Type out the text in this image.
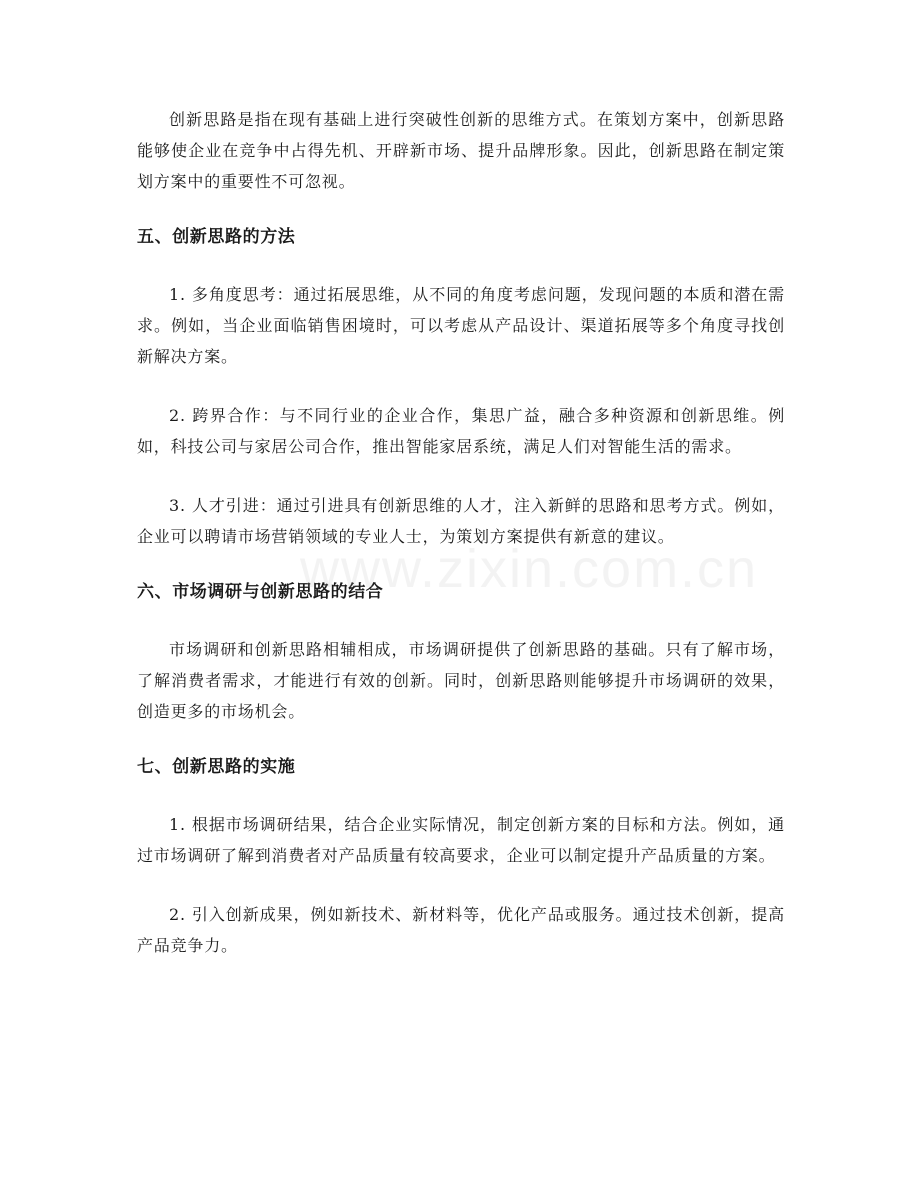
创新思路是指在现有基础上进行突破性创新的思维方式。在策划方案中，创新思路能够使企业在竞争中占得先机、开辟新市场、提升品牌形象。因此，创新思路在制定策划方案中的重要性不可忽视。

五、创新思路的方法

1. 多角度思考：通过拓展思维，从不同的角度考虑问题，发现问题的本质和潜在需求。例如，当企业面临销售困境时，可以考虑从产品设计、渠道拓展等多个角度寻找创新解决方案。

2. 跨界合作：与不同行业的企业合作，集思广益，融合多种资源和创新思维。例如，科技公司与家居公司合作，推出智能家居系统，满足人们对智能生活的需求。

3. 人才引进：通过引进具有创新思维的人才，注入新鲜的思路和思考方式。例如，企业可以聘请市场营销领域的专业人士，为策划方案提供有新意的建议。

六、市场调研与创新思路的结合

市场调研和创新思路相辅相成，市场调研提供了创新思路的基础。只有了解市场，了解消费者需求，才能进行有效的创新。同时，创新思路则能够提升市场调研的效果，创造更多的市场机会。

七、创新思路的实施

1. 根据市场调研结果，结合企业实际情况，制定创新方案的目标和方法。例如，通过市场调研了解到消费者对产品质量有较高要求，企业可以制定提升产品质量的方案。

2. 引入创新成果，例如新技术、新材料等，优化产品或服务。通过技术创新，提高产品竞争力。

www.zixin.com.cn
